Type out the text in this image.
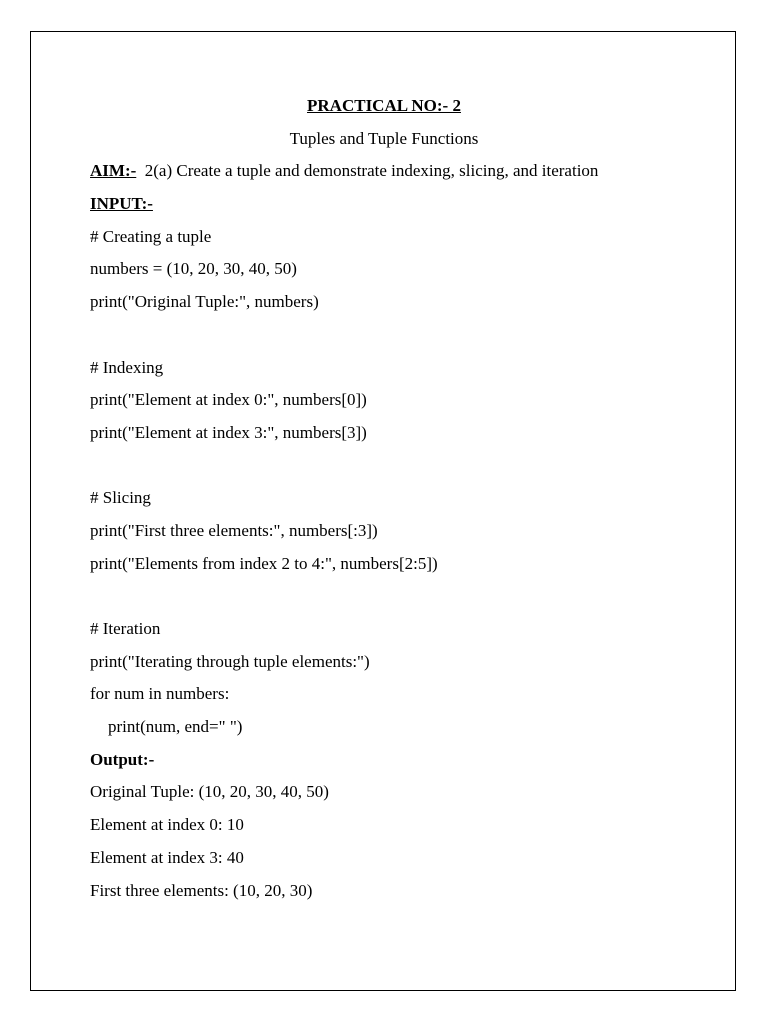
PRACTICAL NO:- 2
Tuples and Tuple Functions
AIM:- 2(a) Create a tuple and demonstrate indexing, slicing, and iteration
INPUT:-
# Creating a tuple
numbers = (10, 20, 30, 40, 50)
print("Original Tuple:", numbers)
# Indexing
print("Element at index 0:", numbers[0])
print("Element at index 3:", numbers[3])
# Slicing
print("First three elements:", numbers[:3])
print("Elements from index 2 to 4:", numbers[2:5])
# Iteration
print("Iterating through tuple elements:")
for num in numbers:
print(num, end=" ")
Output:-
Original Tuple: (10, 20, 30, 40, 50)
Element at index 0: 10
Element at index 3: 40
First three elements: (10, 20, 30)
